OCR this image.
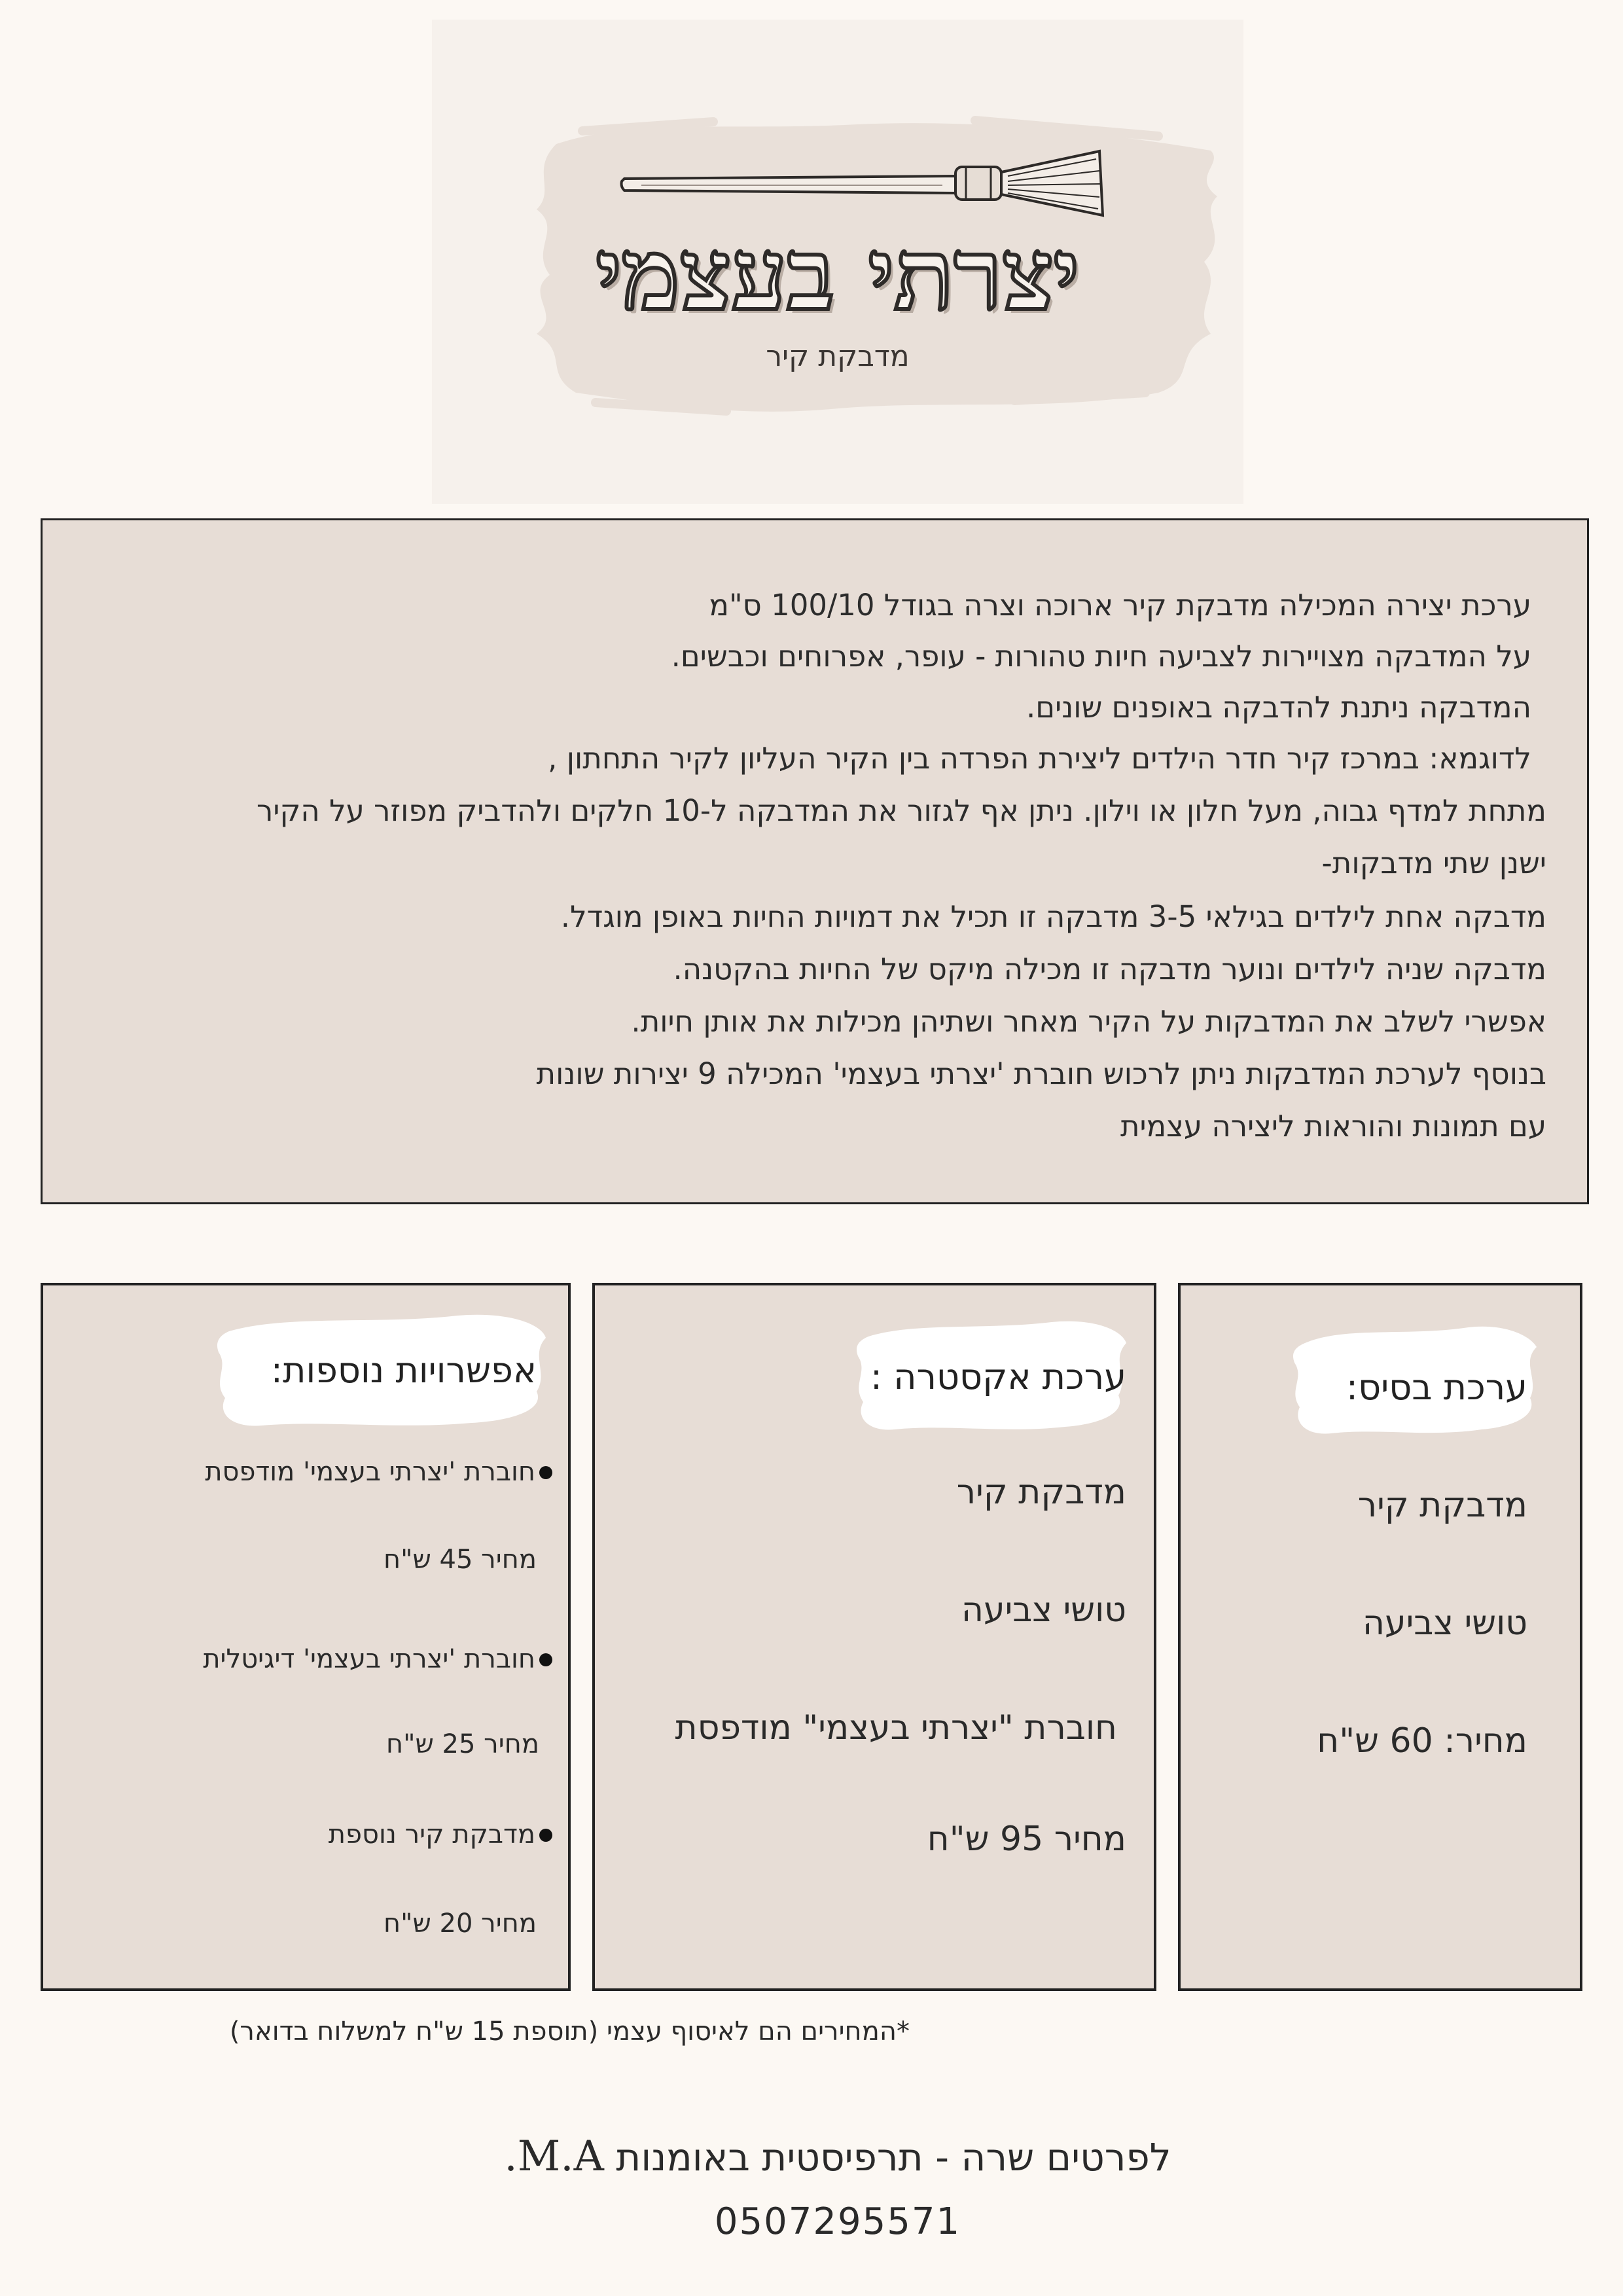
יצרתי בעצמי
מדבקת קיר
ערכת יצירה המכילה מדבקת קיר ארוכה וצרה בגודל 100/10 ס"מ
על המדבקה מצויירות לצביעה חיות טהורות - עופר, אפרוחים וכבשים.
המדבקה ניתנת להדבקה באופנים שונים.
לדוגמא: במרכז קיר חדר הילדים ליצירת הפרדה בין הקיר העליון לקיר התחתון ,
מתחת למדף גבוה, מעל חלון או וילון. ניתן אף לגזור את המדבקה ל-10 חלקים ולהדביק מפוזר על הקיר
ישנן שתי מדבקות-
מדבקה אחת לילדים בגילאי 3-5 מדבקה זו תכיל את דמויות החיות באופן מוגדל.
מדבקה שניה לילדים ונוער מדבקה זו מכילה מיקס של החיות בהקטנה.
אפשרי לשלב את המדבקות על הקיר מאחר ושתיהן מכילות את אותן חיות.
בנוסף לערכת המדבקות ניתן לרכוש חוברת 'יצרתי בעצמי' המכילה 9 יצירות שונות
עם תמונות והוראות ליצירה עצמית
ערכת בסיס:
מדבקת קיר
טושי צביעה
מחיר: 60 ש"ח
ערכת אקסטרה :
מדבקת קיר
טושי צביעה
חוברת "יצרתי בעצמי" מודפסת
מחיר 95 ש"ח
אפשרויות נוספות:
חוברת 'יצרתי בעצמי' מודפסת
מחיר 45 ש"ח
חוברת 'יצרתי בעצמי' דיגיטלית
מחיר 25 ש"ח
מדבקת קיר נוספת
מחיר 20 ש"ח
*המחירים הם לאיסוף עצמי (תוספת 15 ש"ח למשלוח בדואר)
לפרטים שרה - תרפיסטית באומנות M.A.
0507295571
